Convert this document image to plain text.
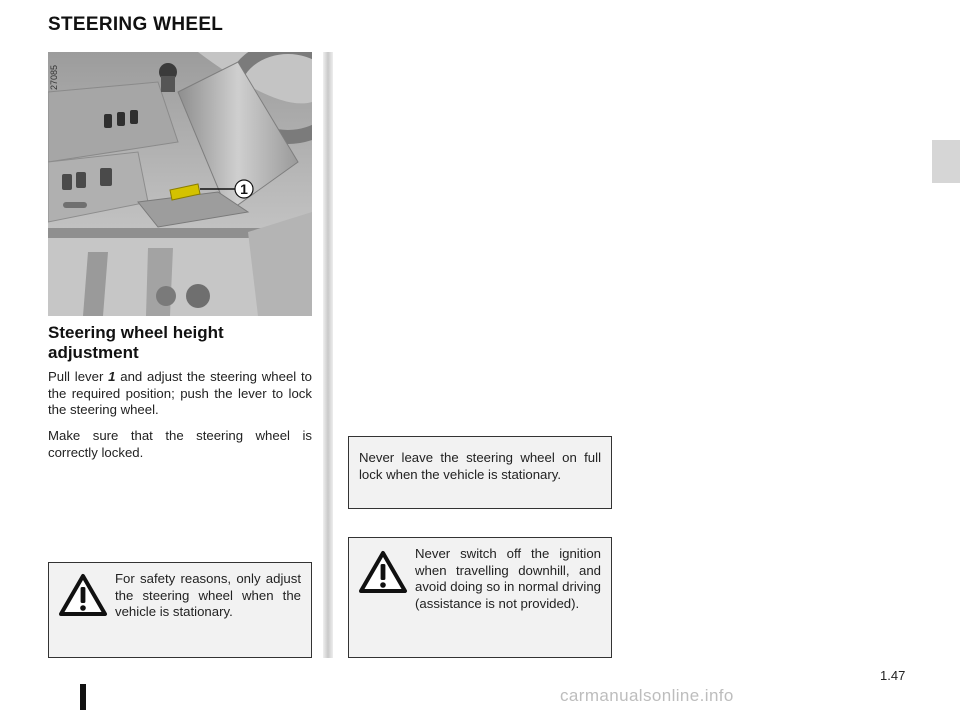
STEERING WHEEL
1
27085
Steering wheel height adjustment
Pull lever 1 and adjust the steering wheel to the required position; push the lever to lock the steering wheel.
Make sure that the steering wheel is correctly locked.
For safety reasons, only adjust the steering wheel when the vehicle is stationary.
Never leave the steering wheel on full lock when the vehicle is stationary.
Never switch off the ignition when travelling downhill, and avoid doing so in normal driving (assistance is not provided).
1.47
carmanualsonline.info
